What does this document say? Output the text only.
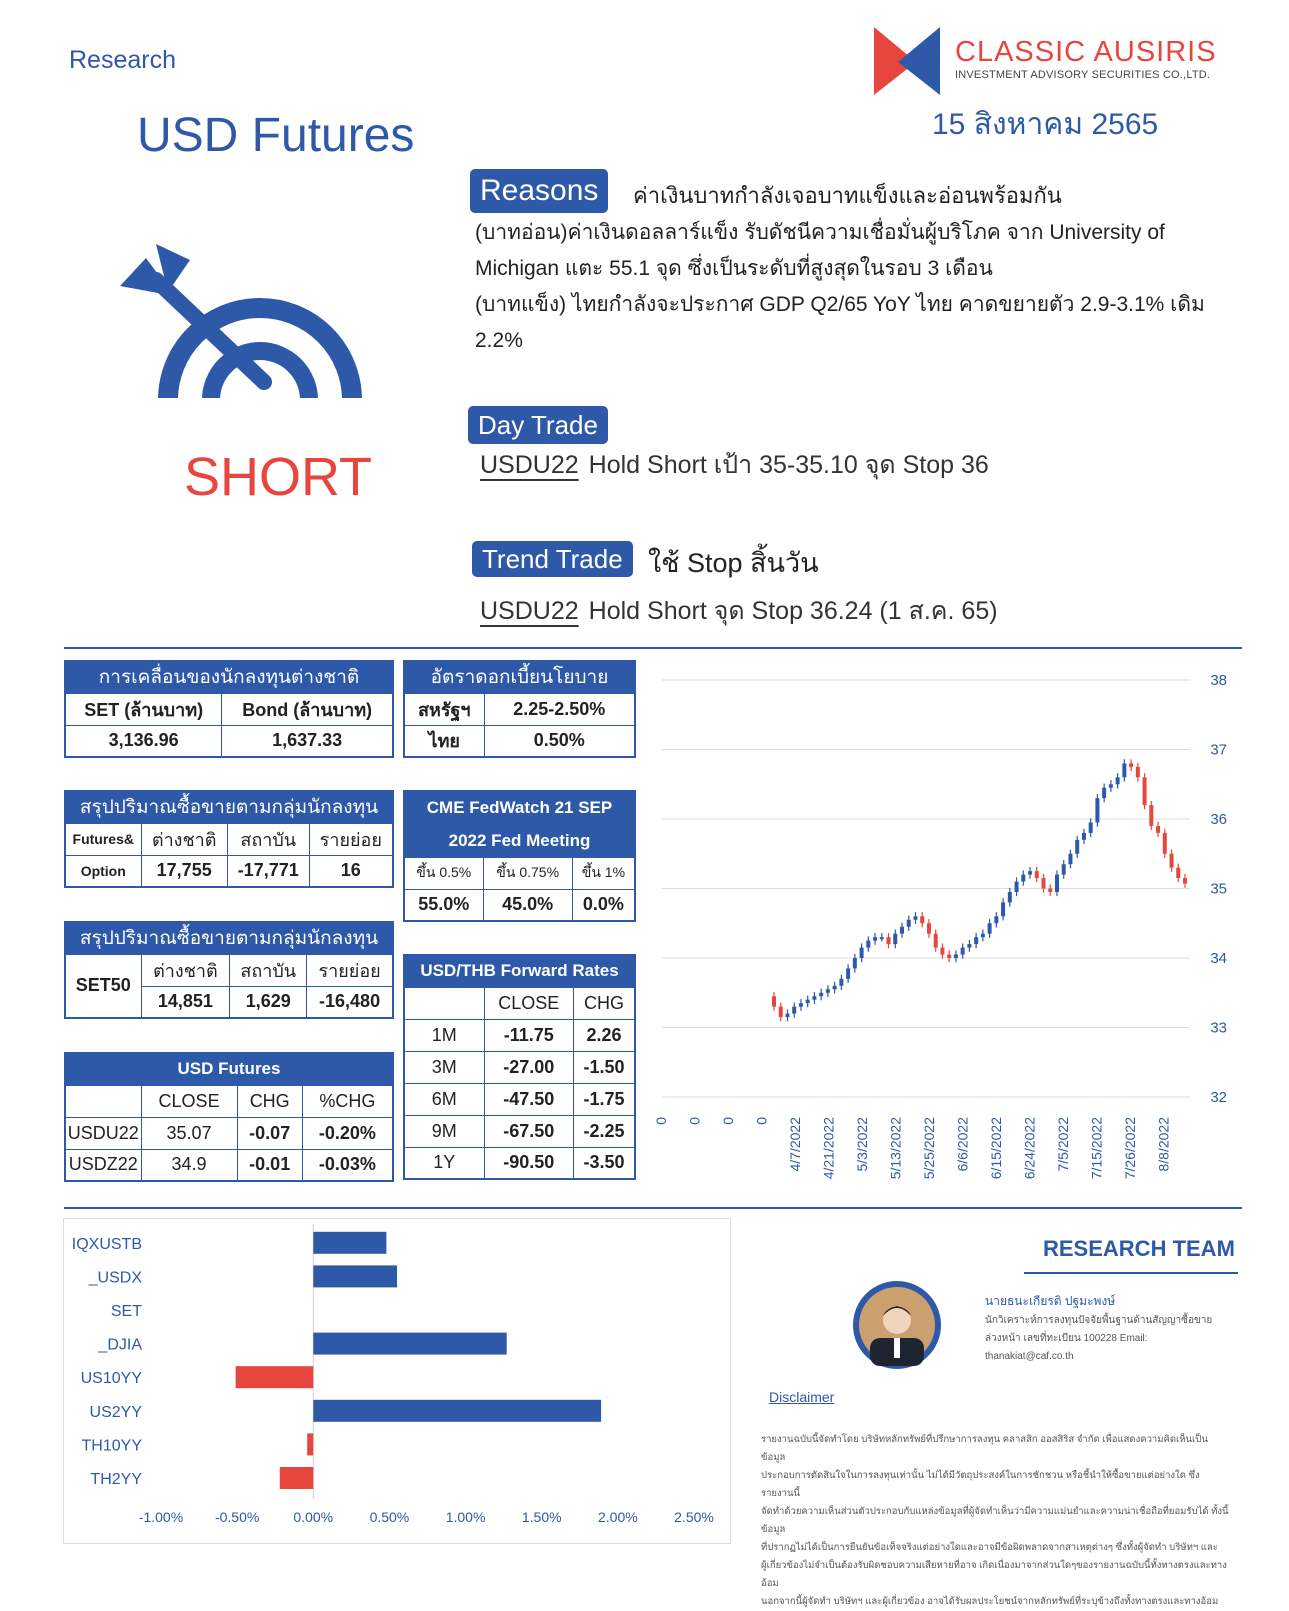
Research
USD Futures
CLASSIC AUSIRIS
INVESTMENT ADVISORY SECURITIES CO.,LTD.
15 สิงหาคม 2565
SHORT
Reasons	ค่าเงินบาทกำลังเจอบาทแข็งและอ่อนพร้อมกัน
(บาทอ่อน)ค่าเงินดอลลาร์แข็ง รับดัชนีความเชื่อมั่นผู้บริโภค จาก University of
Michigan แตะ 55.1 จุด ซึ่งเป็นระดับที่สูงสุดในรอบ 3 เดือน
(บาทแข็ง) ไทยกำลังจะประกาศ GDP Q2/65 YoY ไทย คาดขยายตัว 2.9-3.1% เดิม
2.2%
Day Trade
USDU22 Hold Short เป้า 35-35.10 จุด Stop 36
Trend Trade ใช้ Stop สิ้นวัน
USDU22 Hold Short จุด Stop 36.24 (1 ส.ค. 65)
การเคลื่อนของนักลงทุนต่างชาติ	
SET (ล้านบาท)	Bond (ล้านบาท)
3,136.96	1,637.33
อัตราดอกเบี้ยนโยบาย	
สหรัฐฯ	2.25-2.50%
ไทย	0.50%
สรุปปริมาณซื้อขายตามกลุ่มนักลงทุน			
Futures&	ต่างชาติ	สถาบัน	รายย่อย
Option	17,755	-17,771	16
CME FedWatch 21 SEP		
2022 Fed Meeting		
ขึ้น 0.5%	ขึ้น 0.75%	ขึ้น 1%
55.0%	45.0%	0.0%
สรุปปริมาณซื้อขายตามกลุ่มนักลงทุน			
SET50	ต่างชาติ	สถาบัน	รายย่อย
	14,851	1,629	-16,480
USD/THB Forward Rates		
	CLOSE	CHG
1M	-11.75	2.26
3M	-27.00	-1.50
6M	-47.50	-1.75
9M	-67.50	-2.25
1Y	-90.50	-3.50
USD Futures			
	CLOSE	CHG	%CHG
USDU22	35.07	-0.07	-0.20%
USDZ22	34.9	-0.01	-0.03%
38
37
36
35
34
33
32
0 0 0 0 4/7/2022 4/21/2022 5/3/2022 5/13/2022 5/25/2022 6/6/2022 6/15/2022 6/24/2022 7/5/2022 7/15/2022 7/26/2022 8/8/2022
IQXUSTB
_USDX
SET
_DJIA
US10YY
US2YY
TH10YY
TH2YY
-1.00% -0.50% 0.00%	0.50%	1.00%	1.50%	2.00%	2.50%
RESEARCH TEAM
นายธนะเกียรติ ปฐมะพงษ์
นักวิเคราะห์การลงทุนปัจจัยพื้นฐานด้านสัญญาซื้อขาย
ล่วงหน้า เลขที่ทะเบียน 100228 Email:
thanakiat@caf.co.th
Disclaimer
รายงานฉบับนี้จัดทำโดย บริษัทหลักทรัพย์ที่ปรึกษาการลงทุน คลาสสิก ออสสิริส จำกัด เพื่อแสดงความคิดเห็นเป็นข้อมูล
ประกอบการตัดสินใจในการลงทุนเท่านั้น ไม่ได้มีวัตถุประสงค์ในการชักชวน หรือชี้นำให้ซื้อขายแต่อย่างใด ซึ่งรายงานนี้
จัดทำด้วยความเห็นส่วนตัวประกอบกับแหล่งข้อมูลที่ผู้จัดทำเห็นว่ามีความแม่นยำและความน่าเชื่อถือที่ยอมรับได้ ทั้งนี้ข้อมูล
ที่ปรากฏไม่ได้เป็นการยืนยันข้อเท็จจริงแต่อย่างใดและอาจมีข้อผิดพลาดจากสาเหตุต่างๆ ซึ่งทั้งผู้จัดทำ บริษัทฯ และ
ผู้เกี่ยวข้องไม่จำเป็นต้องรับผิดชอบความเสียหายที่อาจ เกิดเนื่องมาจากส่วนใดๆของรายงานฉบับนี้ทั้งทางตรงและทางอ้อม
นอกจากนี้ผู้จัดทำ บริษัทฯ และผู้เกี่ยวข้อง อาจได้รับผลประโยชน์จากหลักทรัพย์ที่ระบุข้างถึงทั้งทางตรงและทางอ้อม
